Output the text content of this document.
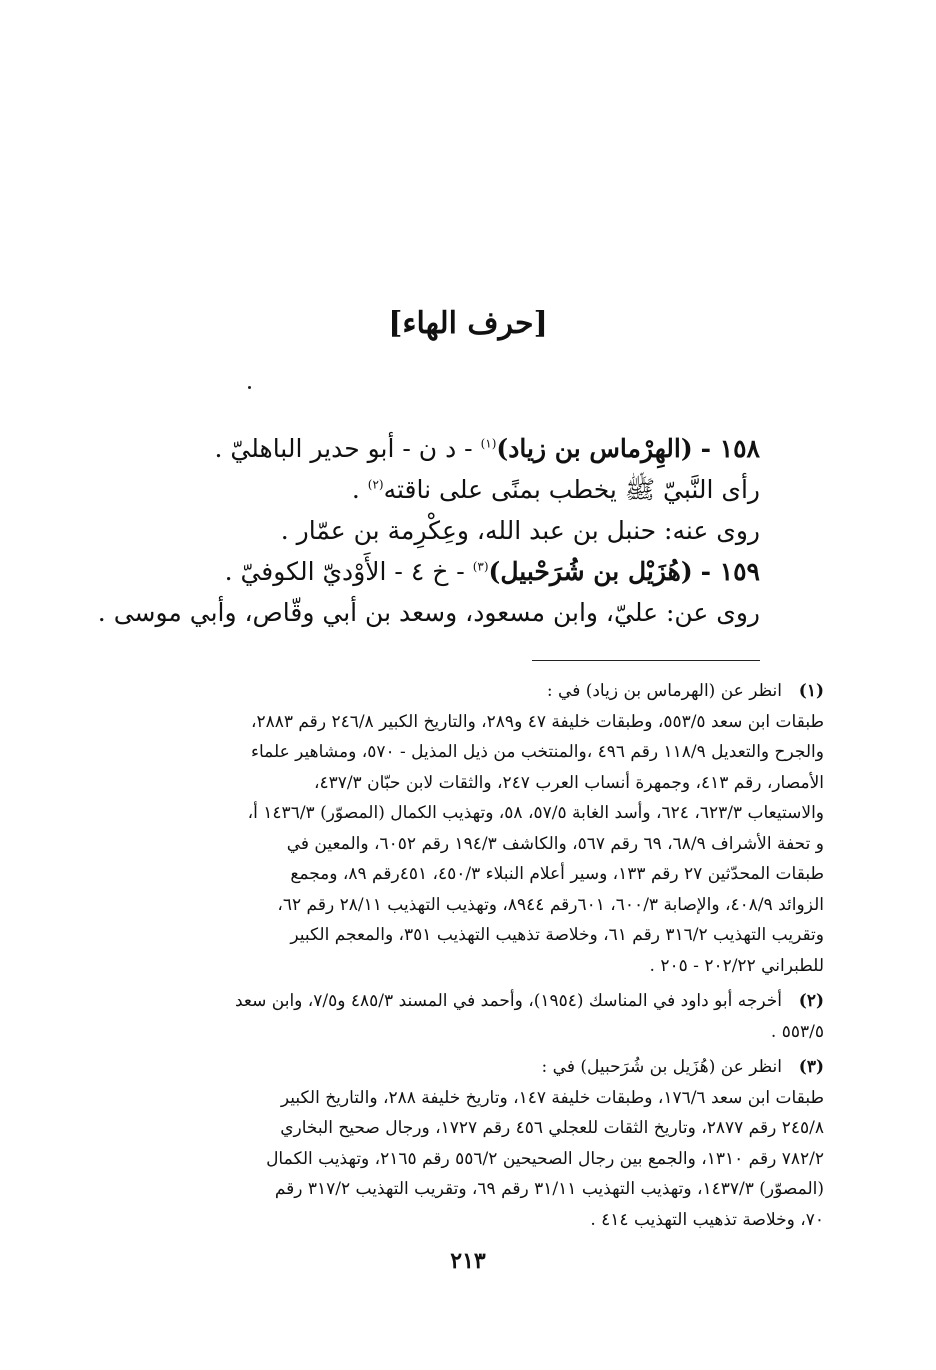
[حرف الهاء]

١٥٨ - (الهِرْماس بن زياد)$^{(١)}$ - د ن - أبو حدير الباهليّ .

رأى النَّبيّ ﷺ يخطب بمنًى على ناقته$^{(٢)}$ .

روى عنه: حنبل بن عبد الله، وعِكْرِمة بن عمّار .

١٥٩ - (هُزَيْل بن شُرَحْبيل)$^{(٣)}$ - خ ٤ - الأَوْديّ الكوفيّ .

روى عن: عليّ، وابن مسعود، وسعد بن أبي وقّاص، وأبي موسى .

(١)
انظر عن (الهرماس بن زياد) في :
طبقات ابن سعد ٥٥٣/٥، وطبقات خليفة ٤٧ و٢٨٩، والتاريخ الكبير ٢٤٦/٨ رقم ٢٨٨٣،
والجرح والتعديل ١١٨/٩ رقم ٤٩٦ ،والمنتخب من ذيل المذيل - ٥٧٠، ومشاهير علماء
الأمصار، رقم ٤١٣، وجمهرة أنساب العرب ٢٤٧، والثقات لابن حبّان ٤٣٧/٣،
والاستيعاب ٦٢٣/٣، ٦٢٤، وأسد الغابة ٥٧/٥، ٥٨، وتهذيب الكمال (المصوّر) ١٤٣٦/٣ أ،
و تحفة الأشراف ٦٨/٩، ٦٩ رقم ٥٦٧، والكاشف ١٩٤/٣ رقم ٦٠٥٢، والمعين في
طبقات المحدّثين ٢٧ رقم ١٣٣، وسير أعلام النبلاء ٤٥٠/٣، ٤٥١رقم ٨٩، ومجمع
الزوائد ٤٠٨/٩، والإصابة ٦٠٠/٣، ٦٠١رقم ٨٩٤٤، وتهذيب التهذيب ٢٨/١١ رقم ٦٢،
وتقريب التهذيب ٣١٦/٢ رقم ٦١، وخلاصة تذهيب التهذيب ٣٥١، والمعجم الكبير
للطبراني ٢٠٢/٢٢ - ٢٠٥ .
(٢)
أخرجه أبو داود في المناسك (١٩٥٤)، وأحمد في المسند ٤٨٥/٣ و٧/٥، وابن سعد
٥٥٣/٥ .
(٣)
انظر عن (هُزَيل بن شُرَحبيل) في :
طبقات ابن سعد ١٧٦/٦، وطبقات خليفة ١٤٧، وتاريخ خليفة ٢٨٨، والتاريخ الكبير
٢٤٥/٨ رقم ٢٨٧٧، وتاريخ الثقات للعجلي ٤٥٦ رقم ١٧٢٧، ورجال صحيح البخاري
٧٨٢/٢ رقم ١٣١٠، والجمع بين رجال الصحيحين ٥٥٦/٢ رقم ٢١٦٥، وتهذيب الكمال
(المصوّر) ١٤٣٧/٣، وتهذيب التهذيب ٣١/١١ رقم ٦٩، وتقريب التهذيب ٣١٧/٢ رقم
٧٠، وخلاصة تذهيب التهذيب ٤١٤ .
٢١٣
